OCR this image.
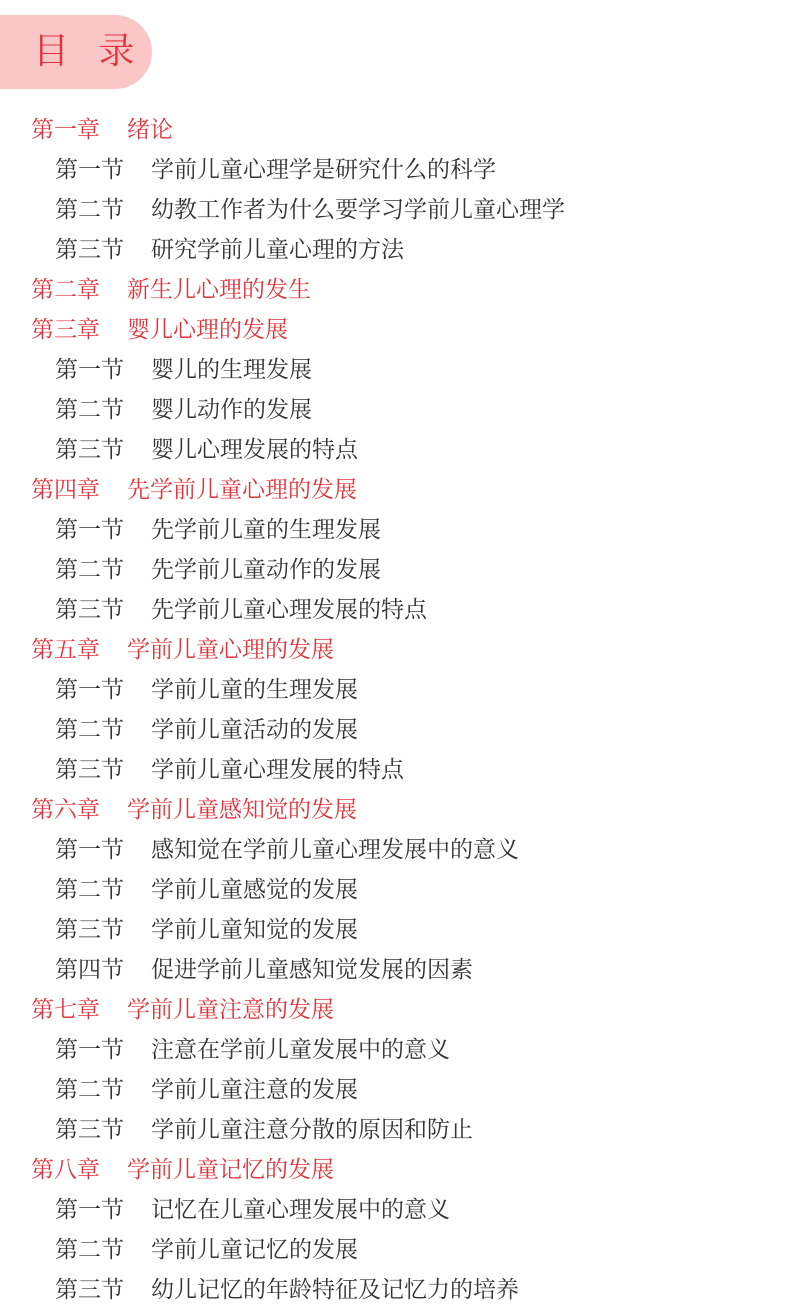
目 录
第一章 绪论
第一节 学前儿童心理学是研究什么的科学
第二节 幼教工作者为什么要学习学前儿童心理学
第三节 研究学前儿童心理的方法
第二章 新生儿心理的发生
第三章 婴儿心理的发展
第一节 婴儿的生理发展
第二节 婴儿动作的发展
第三节 婴儿心理发展的特点
第四章 先学前儿童心理的发展
第一节 先学前儿童的生理发展
第二节 先学前儿童动作的发展
第三节 先学前儿童心理发展的特点
第五章 学前儿童心理的发展
第一节 学前儿童的生理发展
第二节 学前儿童活动的发展
第三节 学前儿童心理发展的特点
第六章 学前儿童感知觉的发展
第一节 感知觉在学前儿童心理发展中的意义
第二节 学前儿童感觉的发展
第三节 学前儿童知觉的发展
第四节 促进学前儿童感知觉发展的因素
第七章 学前儿童注意的发展
第一节 注意在学前儿童发展中的意义
第二节 学前儿童注意的发展
第三节 学前儿童注意分散的原因和防止
第八章 学前儿童记忆的发展
第一节 记忆在儿童心理发展中的意义
第二节 学前儿童记忆的发展
第三节 幼儿记忆的年龄特征及记忆力的培养
